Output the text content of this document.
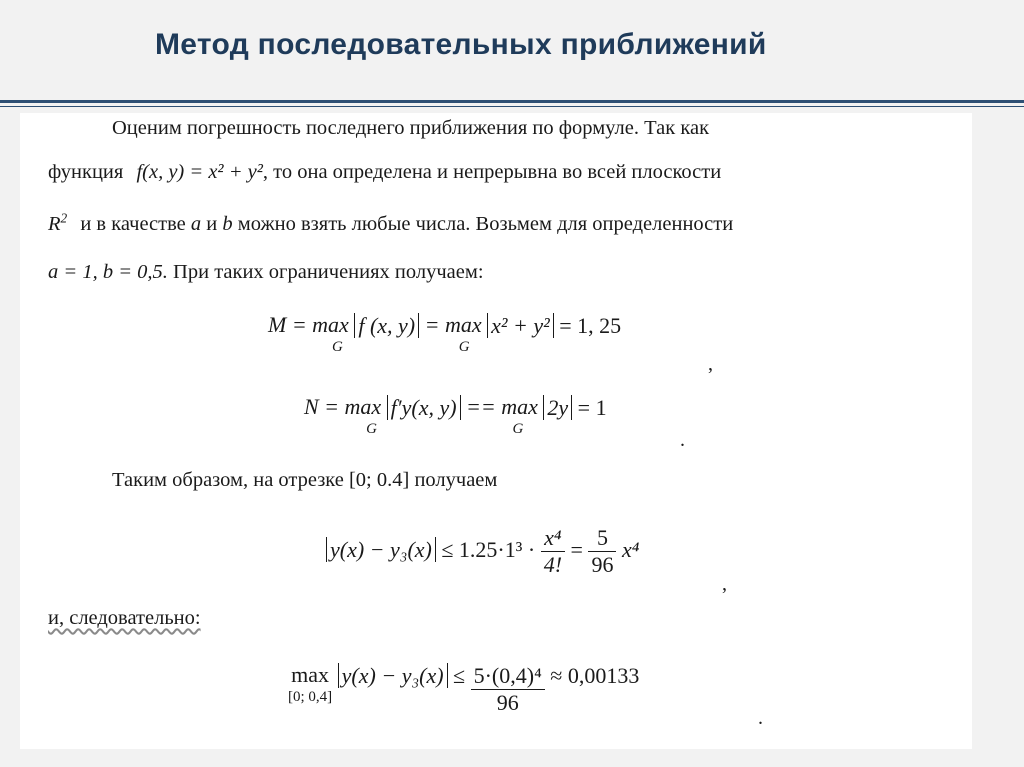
Метод последовательных приближений
Оценим погрешность последнего приближения по формуле. Так как
функция f(x, y) = x² + y², то она определена и непрерывна во всей плоскости
$R^2$ и в качестве a и b можно взять любые числа. Возьмем для определенности
a = 1, b = 0,5. При таких ограничениях получаем:
M = max
G
f (x, y) = max
G
x² + y² = 1, 25
,
N = max
G
f′y(x, y) == max
G
2y = 1
.
Таким образом, на отрезке [0; 0.4] получаем
$y(x) - y_3(x) \le 1.25\cdot 1^3 \cdot \frac{\text{x⁴}}{4!} = \frac{5}{96} x^4$
,
и, следовательно:
max
[0; 0,4]
$y(x) - y_3(x) \le \frac{\text{5·(0,4)⁴}}{96} \approx 0,00133$
.
